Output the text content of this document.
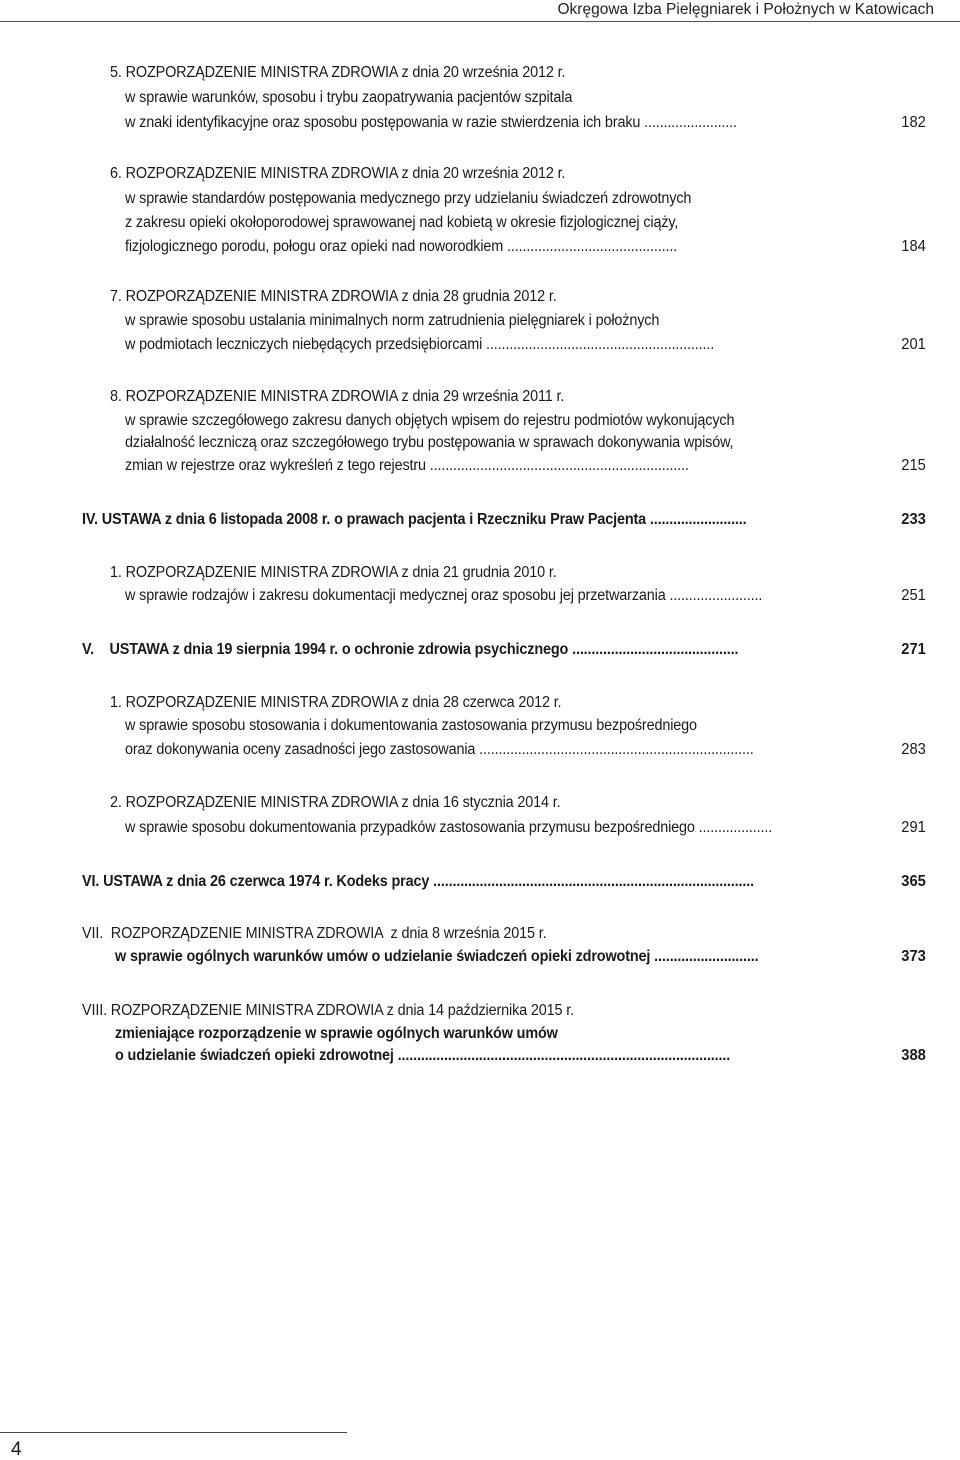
Okręgowa Izba Pielęgniarek i Położnych w Katowicach
5. ROZPORZĄDZENIE MINISTRA ZDROWIA z dnia 20 września 2012 r.
w sprawie warunków, sposobu i trybu zaopatrywania pacjentów szpitala
w znaki identyfikacyjne oraz sposobu postępowania w razie stwierdzenia ich braku ........................	182
6. ROZPORZĄDZENIE MINISTRA ZDROWIA z dnia 20 września 2012 r.
w sprawie standardów postępowania medycznego przy udzielaniu świadczeń zdrowotnych
z zakresu opieki okołoporodowej sprawowanej nad kobietą w okresie fizjologicznej ciąży,
fizjologicznego porodu, połogu oraz opieki nad noworodkiem ............................................	184
7. ROZPORZĄDZENIE MINISTRA ZDROWIA z dnia 28 grudnia 2012 r.
w sprawie sposobu ustalania minimalnych norm zatrudnienia pielęgniarek i położnych
w podmiotach leczniczych niebędących przedsiębiorcami ...........................................................	201
8. ROZPORZĄDZENIE MINISTRA ZDROWIA z dnia 29 września 2011 r.
w sprawie szczegółowego zakresu danych objętych wpisem do rejestru podmiotów wykonujących
działalność leczniczą oraz szczegółowego trybu postępowania w sprawach dokonywania wpisów,
zmian w rejestrze oraz wykreśleń z tego rejestru ...................................................................	215
IV. USTAWA z dnia 6 listopada 2008 r. o prawach pacjenta i Rzeczniku Praw Pacjenta .........................	233
1. ROZPORZĄDZENIE MINISTRA ZDROWIA z dnia 21 grudnia 2010 r.
w sprawie rodzajów i zakresu dokumentacji medycznej oraz sposobu jej przetwarzania ........................	251
V.    USTAWA z dnia 19 sierpnia 1994 r. o ochronie zdrowia psychicznego ...........................................	271
1. ROZPORZĄDZENIE MINISTRA ZDROWIA z dnia 28 czerwca 2012 r.
w sprawie sposobu stosowania i dokumentowania zastosowania przymusu bezpośredniego
oraz dokonywania oceny zasadności jego zastosowania .......................................................................	283
2. ROZPORZĄDZENIE MINISTRA ZDROWIA z dnia 16 stycznia 2014 r.
w sprawie sposobu dokumentowania przypadków zastosowania przymusu bezpośredniego ...................	291
VI. USTAWA z dnia 26 czerwca 1974 r. Kodeks pracy ...................................................................................	365
VII.  ROZPORZĄDZENIE MINISTRA ZDROWIA  z dnia 8 września 2015 r.
w sprawie ogólnych warunków umów o udzielanie świadczeń opieki zdrowotnej ...........................	373
VIII. ROZPORZĄDZENIE MINISTRA ZDROWIA z dnia 14 października 2015 r.
zmieniające rozporządzenie w sprawie ogólnych warunków umów
o udzielanie świadczeń opieki zdrowotnej ......................................................................................	388
4
